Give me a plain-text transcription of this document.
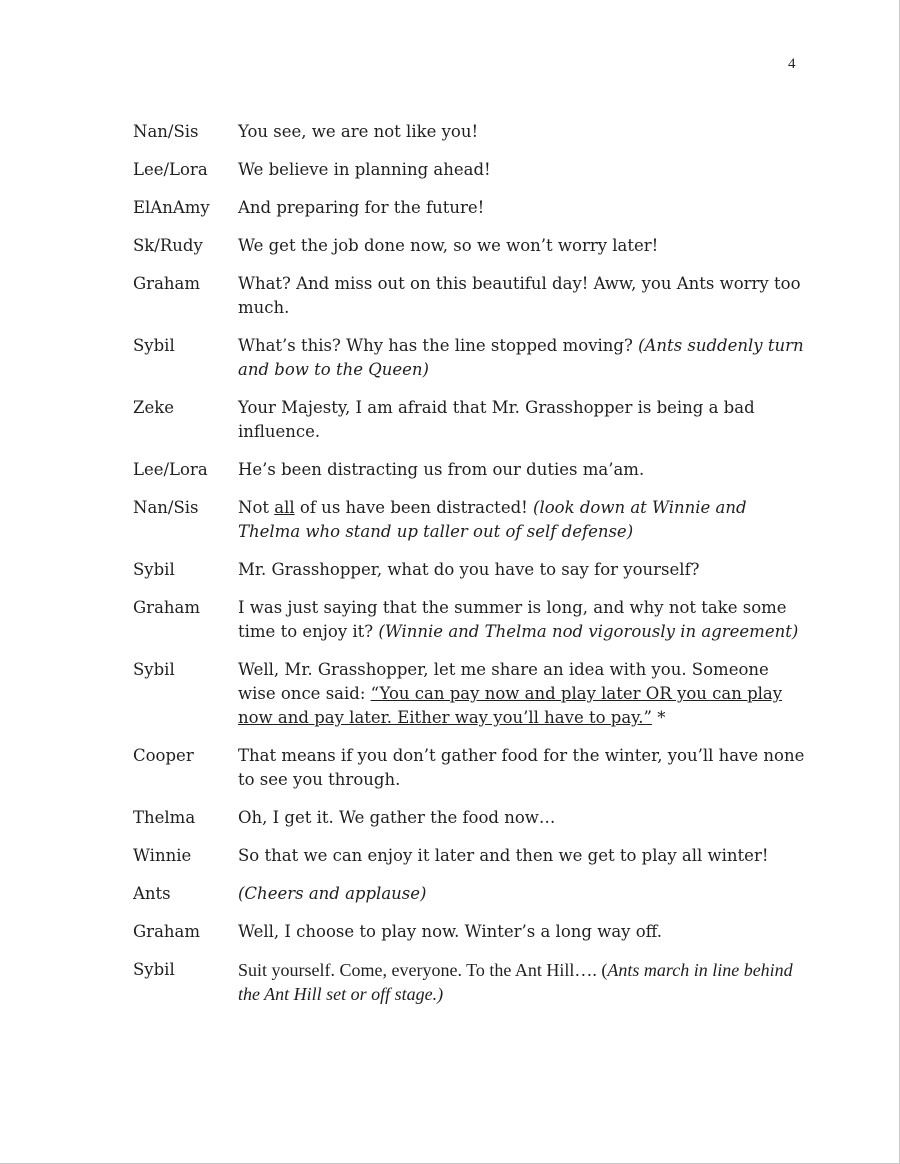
4
Nan/Sis	You see, we are not like you!
Lee/Lora	We believe in planning ahead!
ElAnAmy	And preparing for the future!
Sk/Rudy	We get the job done now, so we won’t worry later!
Graham	What? And miss out on this beautiful day! Aww, you Ants worry too much.
Sybil	What’s this? Why has the line stopped moving? (Ants suddenly turn and bow to the Queen)
Zeke	Your Majesty, I am afraid that Mr. Grasshopper is being a bad influence.
Lee/Lora	He’s been distracting us from our duties ma’am.
Nan/Sis	Not all of us have been distracted! (look down at Winnie and Thelma who stand up taller out of self defense)
Sybil	Mr. Grasshopper, what do you have to say for yourself?
Graham	I was just saying that the summer is long, and why not take some time to enjoy it? (Winnie and Thelma nod vigorously in agreement)
Sybil	Well, Mr. Grasshopper, let me share an idea with you. Someone wise once said: “You can pay now and play later OR you can play now and pay later. Either way you’ll have to pay.” *
Cooper	That means if you don’t gather food for the winter, you’ll have none to see you through.
Thelma	Oh, I get it. We gather the food now…
Winnie	So that we can enjoy it later and then we get to play all winter!
Ants	(Cheers and applause)
Graham	Well, I choose to play now. Winter’s a long way off.
Sybil	Suit yourself. Come, everyone. To the Ant Hill…. (Ants march in line behind the Ant Hill set or off stage.)
